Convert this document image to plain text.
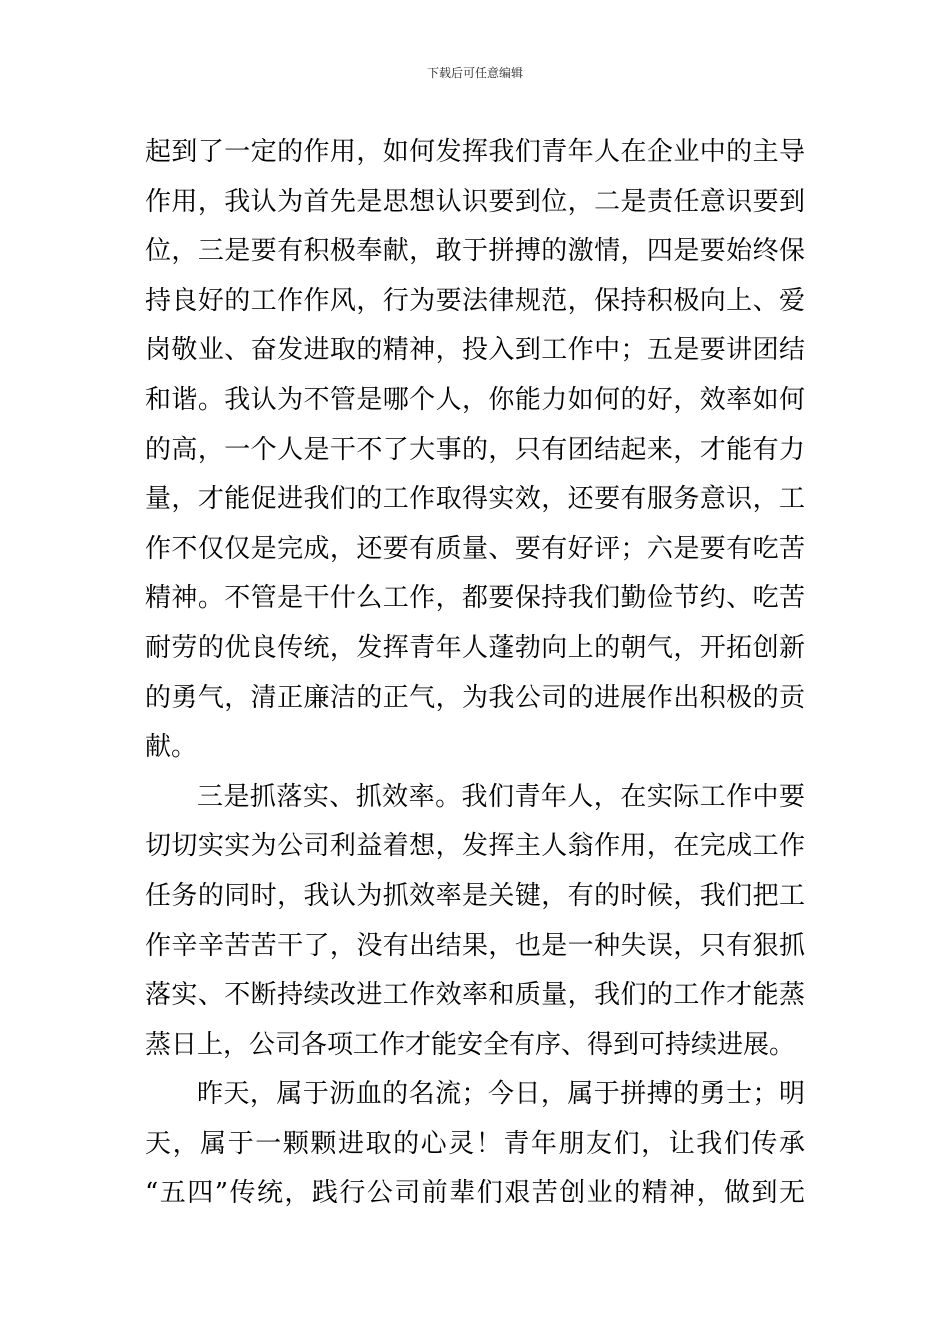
下载后可任意编辑
起到了一定的作用，如何发挥我们青年人在企业中的主导
作用，我认为首先是思想认识要到位，二是责任意识要到
位，三是要有积极奉献，敢于拼搏的激情，四是要始终保
持良好的工作作风，行为要法律规范，保持积极向上、爱
岗敬业、奋发进取的精神，投入到工作中；五是要讲团结
和谐。我认为不管是哪个人，你能力如何的好，效率如何
的高，一个人是干不了大事的，只有团结起来，才能有力
量，才能促进我们的工作取得实效，还要有服务意识，工
作不仅仅是完成，还要有质量、要有好评；六是要有吃苦
精神。不管是干什么工作，都要保持我们勤俭节约、吃苦
耐劳的优良传统，发挥青年人蓬勃向上的朝气，开拓创新
的勇气，清正廉洁的正气，为我公司的进展作出积极的贡
献。
三是抓落实、抓效率。我们青年人，在实际工作中要
切切实实为公司利益着想，发挥主人翁作用，在完成工作
任务的同时，我认为抓效率是关键，有的时候，我们把工
作辛辛苦苦干了，没有出结果，也是一种失误，只有狠抓
落实、不断持续改进工作效率和质量，我们的工作才能蒸
蒸日上，公司各项工作才能安全有序、得到可持续进展。
昨天，属于沥血的名流；今日，属于拼搏的勇士；明
天，属于一颗颗进取的心灵！青年朋友们，让我们传承
“五四”传统，践行公司前辈们艰苦创业的精神，做到无
